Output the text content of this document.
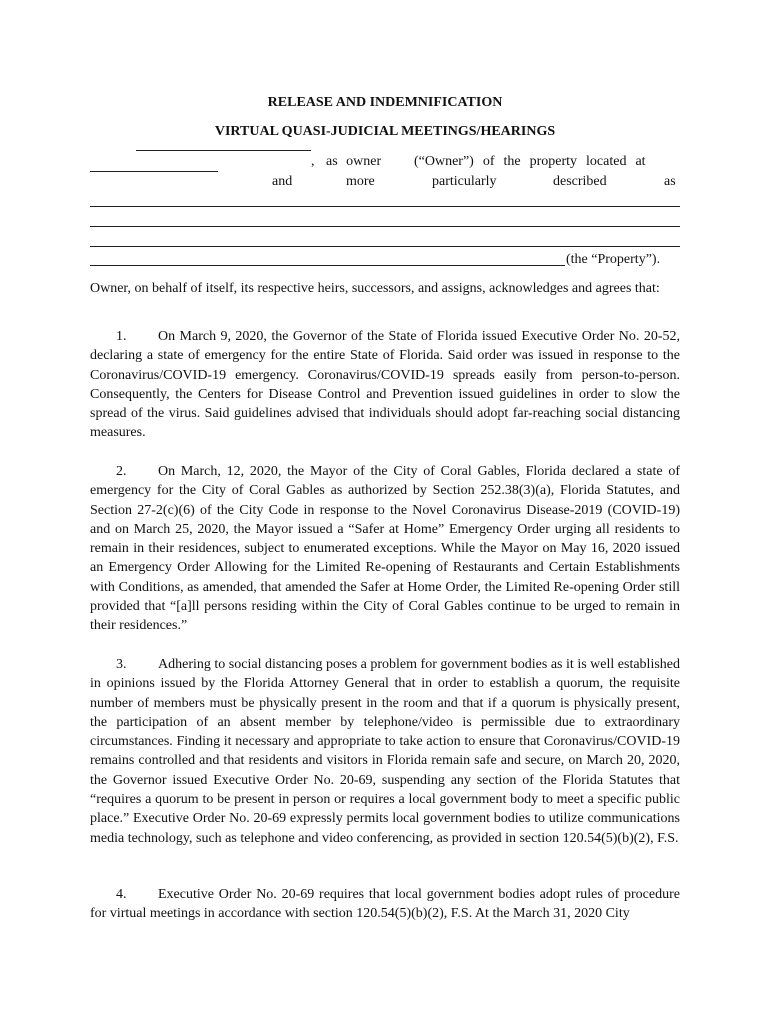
RELEASE AND INDEMNIFICATION
VIRTUAL QUASI-JUDICIAL MEETINGS/HEARINGS
, as owner (“Owner”) of the property located at
and	more	particularly	described	as
(the “Property”).

Owner, on behalf of itself, its respective heirs, successors, and assigns, acknowledges and agrees that:

1. On March 9, 2020, the Governor of the State of Florida issued Executive Order No. 20-52, declaring a state of emergency for the entire State of Florida. Said order was issued in response to the Coronavirus/COVID-19 emergency. Coronavirus/COVID-19 spreads easily from person-to-person. Consequently, the Centers for Disease Control and Prevention issued guidelines in order to slow the spread of the virus. Said guidelines advised that individuals should adopt far-reaching social distancing measures.

2. On March, 12, 2020, the Mayor of the City of Coral Gables, Florida declared a state of emergency for the City of Coral Gables as authorized by Section 252.38(3)(a), Florida Statutes, and Section 27-2(c)(6) of the City Code in response to the Novel Coronavirus Disease-2019 (COVID-19) and on March 25, 2020, the Mayor issued a “Safer at Home” Emergency Order urging all residents to remain in their residences, subject to enumerated exceptions. While the Mayor on May 16, 2020 issued an Emergency Order Allowing for the Limited Re-opening of Restaurants and Certain Establishments with Conditions, as amended, that amended the Safer at Home Order, the Limited Re-opening Order still provided that “[a]ll persons residing within the City of Coral Gables continue to be urged to remain in their residences.”

3. Adhering to social distancing poses a problem for government bodies as it is well established in opinions issued by the Florida Attorney General that in order to establish a quorum, the requisite number of members must be physically present in the room and that if a quorum is physically present, the participation of an absent member by telephone/video is permissible due to extraordinary circumstances. Finding it necessary and appropriate to take action to ensure that Coronavirus/COVID-19 remains controlled and that residents and visitors in Florida remain safe and secure, on March 20, 2020, the Governor issued Executive Order No. 20-69, suspending any section of the Florida Statutes that “requires a quorum to be present in person or requires a local government body to meet a specific public place.” Executive Order No. 20-69 expressly permits local government bodies to utilize communications media technology, such as telephone and video conferencing, as provided in section 120.54(5)(b)(2), F.S.

4. Executive Order No. 20-69 requires that local government bodies adopt rules of procedure for virtual meetings in accordance with section 120.54(5)(b)(2), F.S. At the March 31, 2020 City
